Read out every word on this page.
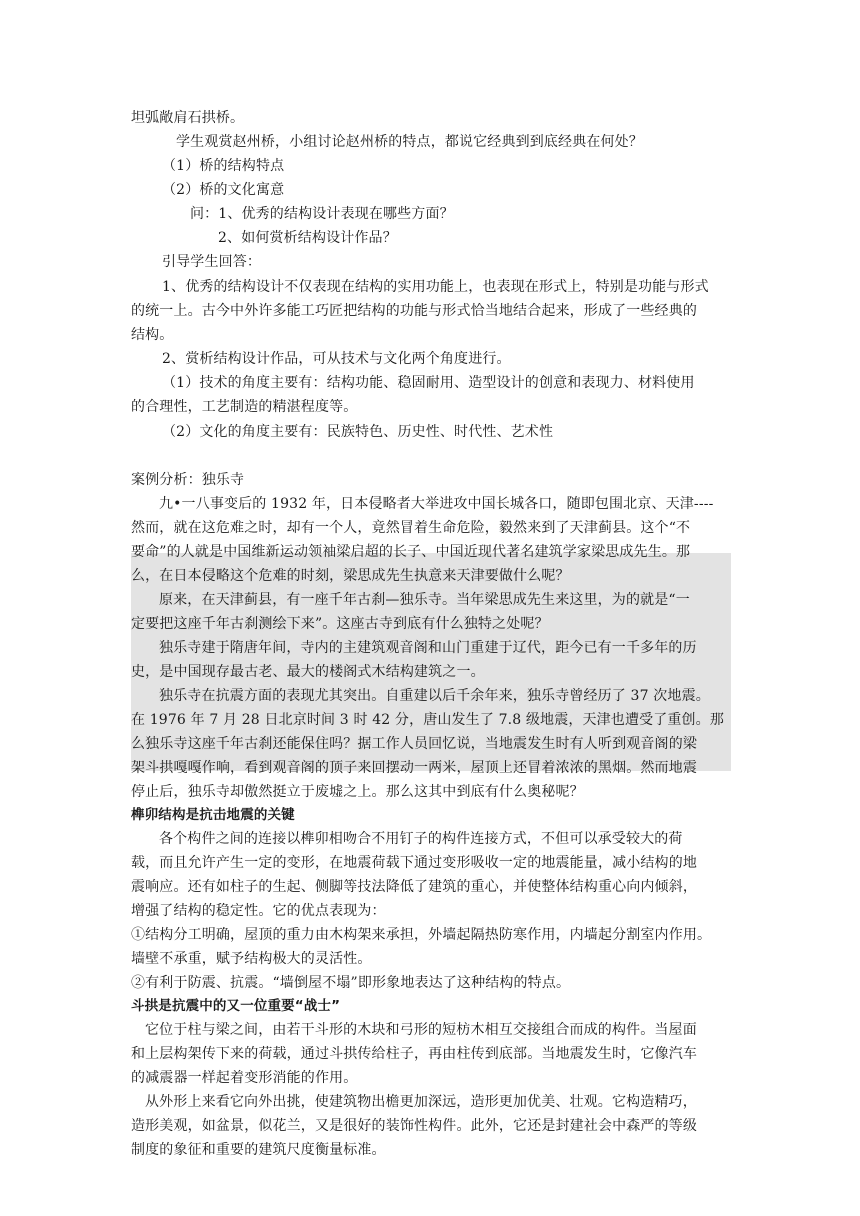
坦弧敞肩石拱桥。
学生观赏赵州桥，小组讨论赵州桥的特点，都说它经典到到底经典在何处？
（1）桥的结构特点
（2）桥的文化寓意
问：1、优秀的结构设计表现在哪些方面？
2、如何赏析结构设计作品？
引导学生回答：
1、优秀的结构设计不仅表现在结构的实用功能上，也表现在形式上，特别是功能与形式
的统一上。古今中外许多能工巧匠把结构的功能与形式恰当地结合起来，形成了一些经典的
结构。
2、赏析结构设计作品，可从技术与文化两个角度进行。
（1）技术的角度主要有：结构功能、稳固耐用、造型设计的创意和表现力、材料使用
的合理性，工艺制造的精湛程度等。
（2）文化的角度主要有：民族特色、历史性、时代性、艺术性
案例分析：独乐寺
九•一八事变后的 1932 年，日本侵略者大举进攻中国长城各口，随即包围北京、天津----
然而，就在这危难之时，却有一个人，竟然冒着生命危险，毅然来到了天津蓟县。这个“不
要命”的人就是中国维新运动领袖梁启超的长子、中国近现代著名建筑学家梁思成先生。那
么，在日本侵略这个危难的时刻，梁思成先生执意来天津要做什么呢？
原来，在天津蓟县，有一座千年古刹—独乐寺。当年梁思成先生来这里，为的就是“一
定要把这座千年古刹测绘下来”。这座古寺到底有什么独特之处呢？
独乐寺建于隋唐年间，寺内的主建筑观音阁和山门重建于辽代，距今已有一千多年的历
史，是中国现存最古老、最大的楼阁式木结构建筑之一。
独乐寺在抗震方面的表现尤其突出。自重建以后千余年来，独乐寺曾经历了 37 次地震。
在 1976 年 7 月 28 日北京时间 3 时 42 分，唐山发生了 7.8 级地震，天津也遭受了重创。那
么独乐寺这座千年古刹还能保住吗？据工作人员回忆说，当地震发生时有人听到观音阁的梁
架斗拱嘎嘎作响，看到观音阁的顶子来回摆动一两米，屋顶上还冒着浓浓的黑烟。然而地震
停止后，独乐寺却傲然挺立于废墟之上。那么这其中到底有什么奥秘呢？
榫卯结构是抗击地震的关键
各个构件之间的连接以榫卯相吻合不用钉子的构件连接方式，不但可以承受较大的荷
载，而且允许产生一定的变形，在地震荷载下通过变形吸收一定的地震能量，减小结构的地
震响应。还有如柱子的生起、侧脚等技法降低了建筑的重心，并使整体结构重心向内倾斜，
增强了结构的稳定性。它的优点表现为：
①结构分工明确，屋顶的重力由木构架来承担，外墙起隔热防寒作用，内墙起分割室内作用。
墙壁不承重，赋予结构极大的灵活性。
②有利于防震、抗震。“墙倒屋不塌”即形象地表达了这种结构的特点。
斗拱是抗震中的又一位重要“战士”
它位于柱与梁之间，由若干斗形的木块和弓形的短枋木相互交接组合而成的构件。当屋面
和上层构架传下来的荷载，通过斗拱传给柱子，再由柱传到底部。当地震发生时，它像汽车
的减震器一样起着变形消能的作用。
从外形上来看它向外出挑，使建筑物出檐更加深远，造形更加优美、壮观。它构造精巧，
造形美观，如盆景，似花兰，又是很好的装饰性构件。此外，它还是封建社会中森严的等级
制度的象征和重要的建筑尺度衡量标准。
